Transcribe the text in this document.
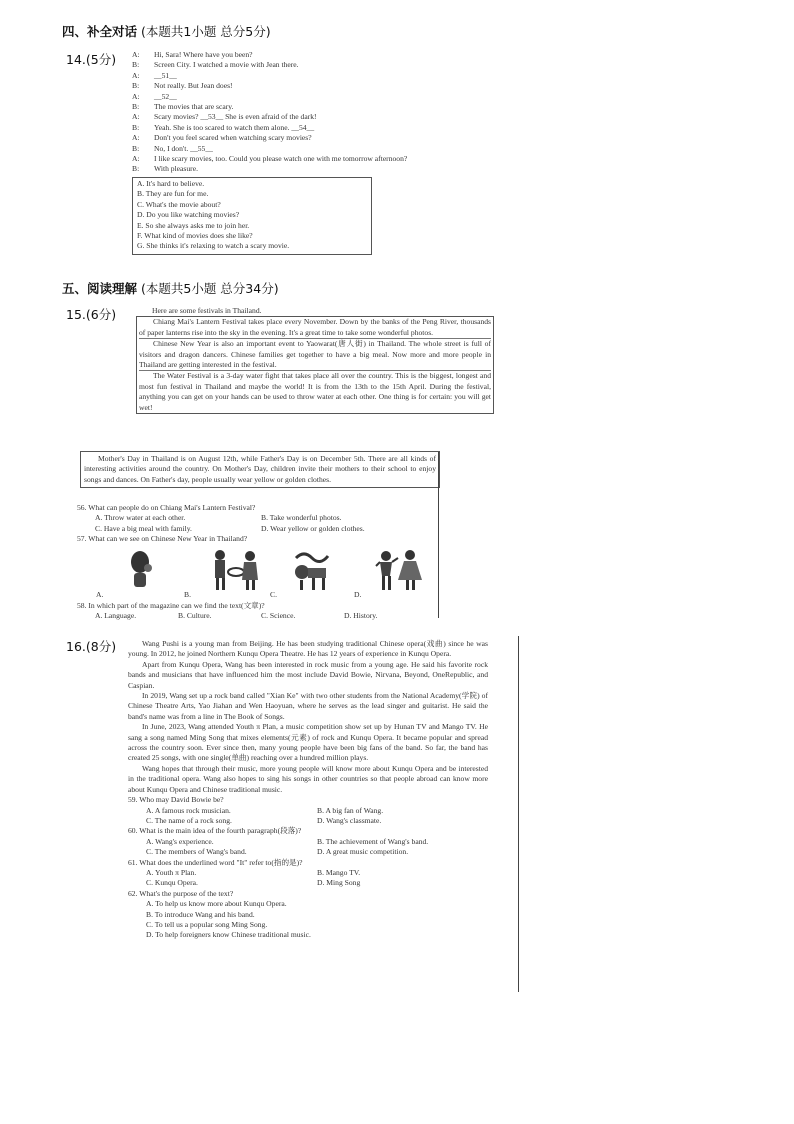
四、补全对话 (本题共1小题 总分5分)
14.(5分) A:	Hi, Sara! Where have you been?
B:	Screen City. I watched a movie with Jean there.
A:	__51__
B:	Not really. But Jean does!
A:	__52__
B:	The movies that are scary.
A:	Scary movies? __53__ She is even afraid of the dark!
B:	Yeah. She is too scared to watch them alone. __54__
A:	Don't you feel scared when watching scary movies?
B:	No, I don't. __55__
A:	I like scary movies, too. Could you please watch one with me tomorrow afternoon?
B:	With pleasure.
A. It's hard to believe.
B. They are fun for me.
C. What's the movie about?
D. Do you like watching movies?
E. So she always asks me to join her.
F. What kind of movies does she like?
G. She thinks it's relaxing to watch a scary movie.
五、阅读理解 (本题共5小题 总分34分)
15.(6分)	Here are some festivals in Thailand.

Chiang Mai's Lantern Festival takes place every November. Down by the banks of the Peng River, thousands of paper lanterns rise into the sky in the evening. It's a great time to take some wonderful photos.

Chinese New Year is also an important event to Yaowarat(唐人街) in Thailand. The whole street is full of visitors and dragon dancers. Chinese families get together to have a big meal. Now more and more people in Thailand are getting interested in the festival.

The Water Festival is a 3-day water fight that takes place all over the country. This is the biggest, longest and most fun festival in Thailand and maybe the world! It is from the 13th to the 15th April. During the festival, anything you can get on your hands can be used to throw water at each other. One thing is for certain: you will get wet!

Mother's Day in Thailand is on August 12th, while Father's Day is on December 5th. There are all kinds of interesting activities around the country. On Mother's Day, children invite their mothers to their school to enjoy songs and dances. On Father's day, people usually wear yellow or golden clothes.

56. What can people do on Chiang Mai's Lantern Festival?
A. Throw water at each other.	B. Take wonderful photos.
C. Have a big meal with family.	D. Wear yellow or golden clothes.
57. What can we see on Chinese New Year in Thailand?
A.	B.	C.	D.
58. In which part of the magazine can we find the text(文章)?
A. Language.	B. Culture.	C. Science.	D. History.
16.(8分)	Wang Pushi is a young man from Beijing. He has been studying traditional Chinese opera(戏曲) since he was young. In 2012, he joined Northern Kunqu Opera Theatre. He has 12 years of experience in Kunqu Opera.

Apart from Kunqu Opera, Wang has been interested in rock music from a young age. He said his favorite rock bands and musicians that have influenced him the most include David Bowie, Nirvana, Beyond, OneRepublic, and Caspian.

In 2019, Wang set up a rock band called "Xian Ke" with two other students from the National Academy(学院) of Chinese Theatre Arts, Yao Jiahan and Wen Haoyuan, where he serves as the lead singer and guitarist. He said the band's name was from a line in The Book of Songs.

In June, 2023, Wang attended Youth π Plan, a music competition show set up by Hunan TV and Mango TV. He sang a song named Ming Song that mixes elements(元素) of rock and Kunqu Opera. It became popular and spread across the country soon. Ever since then, many young people have been big fans of the band. So far, the band has created 25 songs, with one single(单曲) reaching over a hundred million plays.

Wang hopes that through their music, more young people will know more about Kunqu Opera and be interested in the traditional opera. Wang also hopes to sing his songs in other countries so that people abroad can know more about Kunqu Opera and Chinese traditional music.

59. Who may David Bowie be?
A. A famous rock musician.	B. A big fan of Wang.
C. The name of a rock song.	D. Wang's classmate.
60. What is the main idea of the fourth paragraph(段落)?
A. Wang's experience.	B. The achievement of Wang's band.
C. The members of Wang's band.	D. A great music competition.
61. What does the underlined word "It" refer to(指的是)?
A. Youth π Plan.	B. Mango TV.
C. Kunqu Opera.	D. Ming Song
62. What's the purpose of the text?
A. To help us know more about Kunqu Opera.
B. To introduce Wang and his band.
C. To tell us a popular song Ming Song.
D. To help foreigners know Chinese traditional music.
